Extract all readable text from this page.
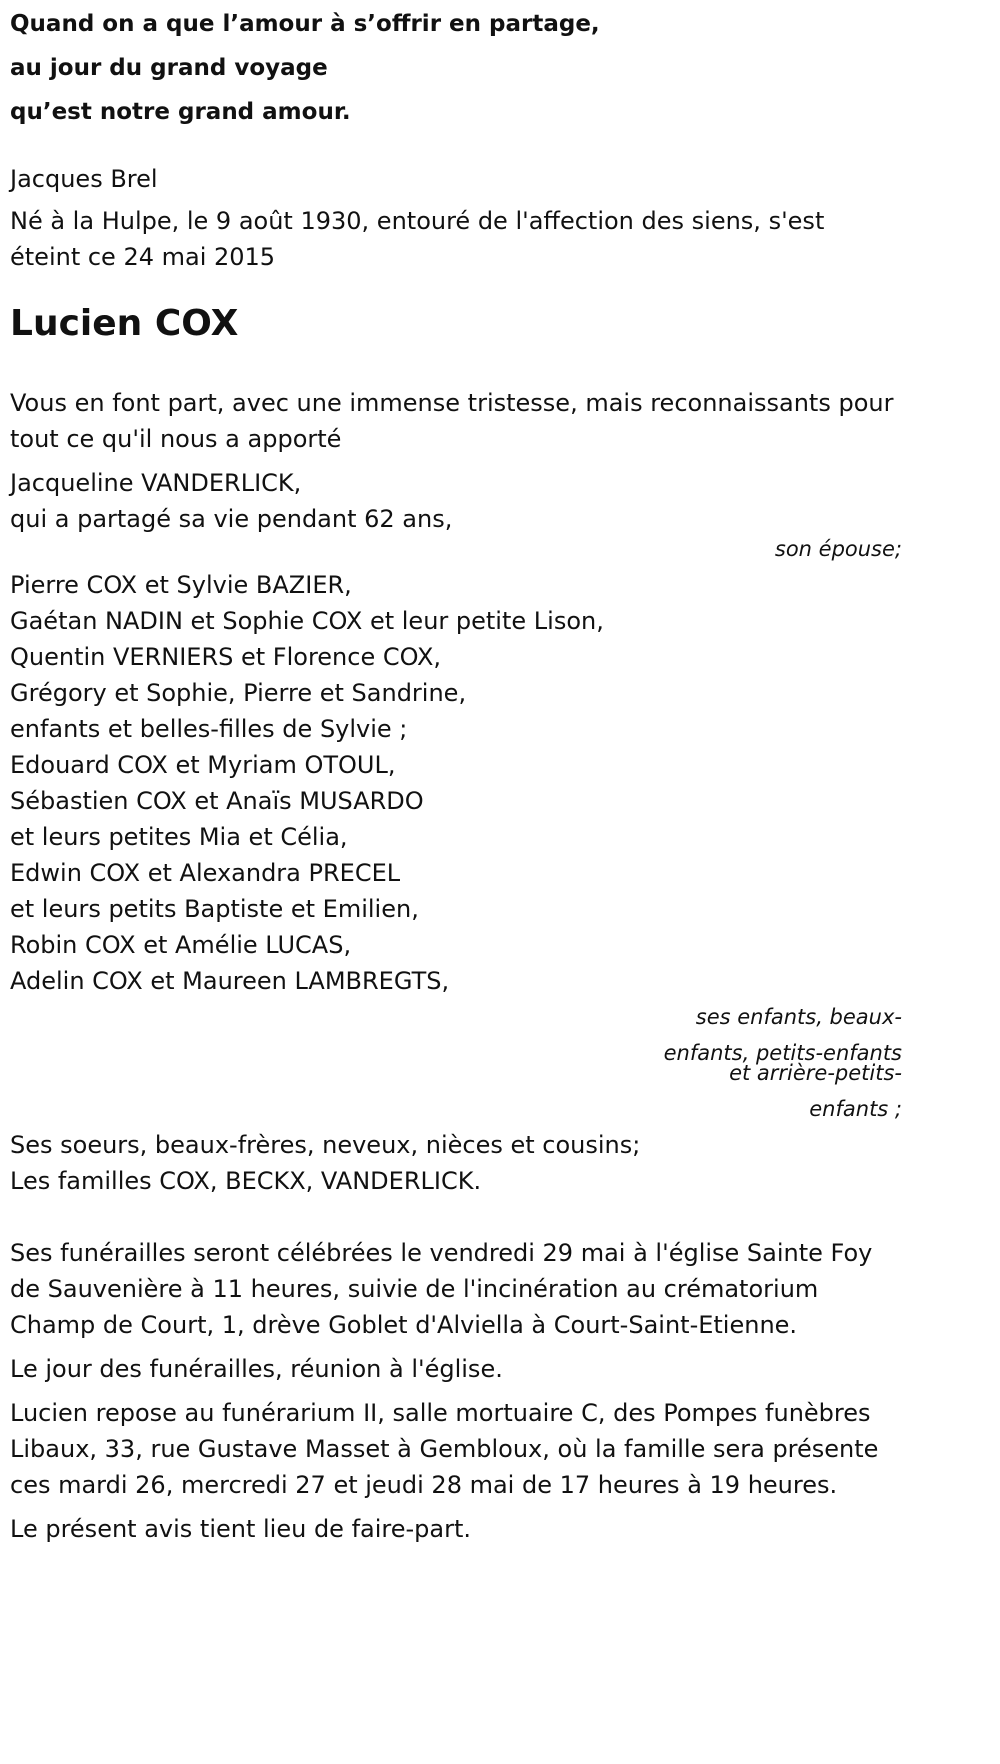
Quand on a que l’amour à s’offrir en partage,

au jour du grand voyage

qu’est notre grand amour.

Jacques Brel
Né à la Hulpe, le 9 août 1930, entouré de l'affection des siens, s'est éteint ce 24 mai 2015
Lucien COX
Vous en font part, avec une immense tristesse, mais reconnaissants pour tout ce qu'il nous a apporté
Jacqueline VANDERLICK,
qui a partagé sa vie pendant 62 ans,
son épouse;
Pierre COX et Sylvie BAZIER,
Gaétan NADIN et Sophie COX et leur petite Lison,
Quentin VERNIERS et Florence COX,
Grégory et Sophie, Pierre et Sandrine,
enfants et belles-filles de Sylvie ;
Edouard COX et Myriam OTOUL,
Sébastien COX et Anaïs MUSARDO
et leurs petites Mia et Célia,
Edwin COX et Alexandra PRECEL
et leurs petits Baptiste et Emilien,
Robin COX et Amélie LUCAS,
Adelin COX et Maureen LAMBREGTS,
ses enfants, beaux-enfants, petits-enfants
et arrière-petits-enfants ;
Ses soeurs, beaux-frères, neveux, nièces et cousins;
Les familles COX, BECKX, VANDERLICK.
Ses funérailles seront célébrées le vendredi 29 mai à l'église Sainte Foy de Sauvenière à 11 heures, suivie de l'incinération au crématorium Champ de Court, 1, drève Goblet d'Alviella à Court-Saint-Etienne.
Le jour des funérailles, réunion à l'église.
Lucien repose au funérarium II, salle mortuaire C, des Pompes funèbres Libaux, 33, rue Gustave Masset à Gembloux, où la famille sera présente ces mardi 26, mercredi 27 et jeudi 28 mai de 17 heures à 19 heures.
Le présent avis tient lieu de faire-part.
